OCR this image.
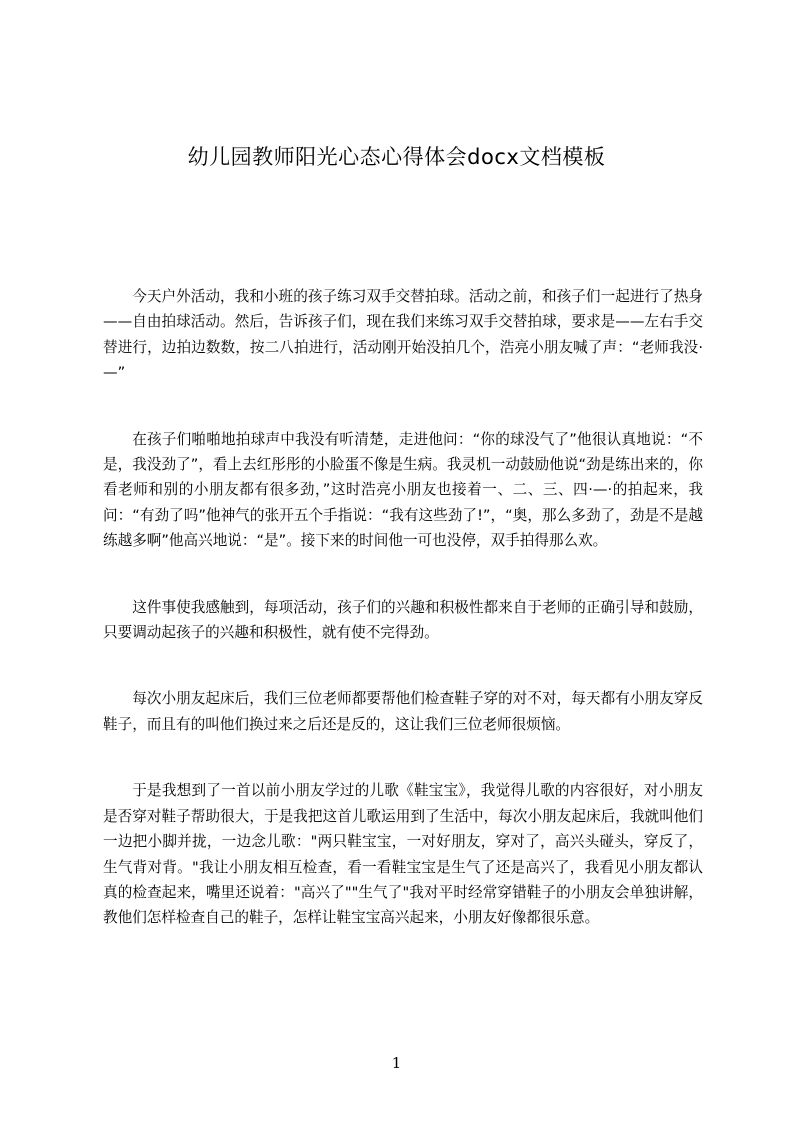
幼儿园教师阳光心态心得体会docx文档模板

今天户外活动，我和小班的孩子练习双手交替拍球。活动之前，和孩子们一起进行了热身——自由拍球活动。然后，告诉孩子们，现在我们来练习双手交替拍球，要求是——左右手交替进行，边拍边数数，按二八拍进行，活动刚开始没拍几个，浩亮小朋友喊了声：“老师我没·—”

在孩子们啪啪地拍球声中我没有听清楚，走进他问：“你的球没气了”他很认真地说：“不是，我没劲了”，看上去红彤彤的小脸蛋不像是生病。我灵机一动鼓励他说“劲是练出来的，你看老师和别的小朋友都有很多劲，”这时浩亮小朋友也接着一、二、三、四·—·的拍起来，我问：“有劲了吗”他神气的张开五个手指说：“我有这些劲了!”，“奥，那么多劲了，劲是不是越练越多啊”他高兴地说：“是”。接下来的时间他一可也没停，双手拍得那么欢。

这件事使我感触到，每项活动，孩子们的兴趣和积极性都来自于老师的正确引导和鼓励，只要调动起孩子的兴趣和积极性，就有使不完得劲。

每次小朋友起床后，我们三位老师都要帮他们检查鞋子穿的对不对，每天都有小朋友穿反鞋子，而且有的叫他们换过来之后还是反的，这让我们三位老师很烦恼。

于是我想到了一首以前小朋友学过的儿歌《鞋宝宝》，我觉得儿歌的内容很好，对小朋友是否穿对鞋子帮助很大，于是我把这首儿歌运用到了生活中，每次小朋友起床后，我就叫他们一边把小脚并拢，一边念儿歌："两只鞋宝宝，一对好朋友，穿对了，高兴头碰头，穿反了，生气背对背。"我让小朋友相互检查，看一看鞋宝宝是生气了还是高兴了，我看见小朋友都认真的检查起来，嘴里还说着："高兴了""生气了"我对平时经常穿错鞋子的小朋友会单独讲解，教他们怎样检查自己的鞋子，怎样让鞋宝宝高兴起来，小朋友好像都很乐意。

1
